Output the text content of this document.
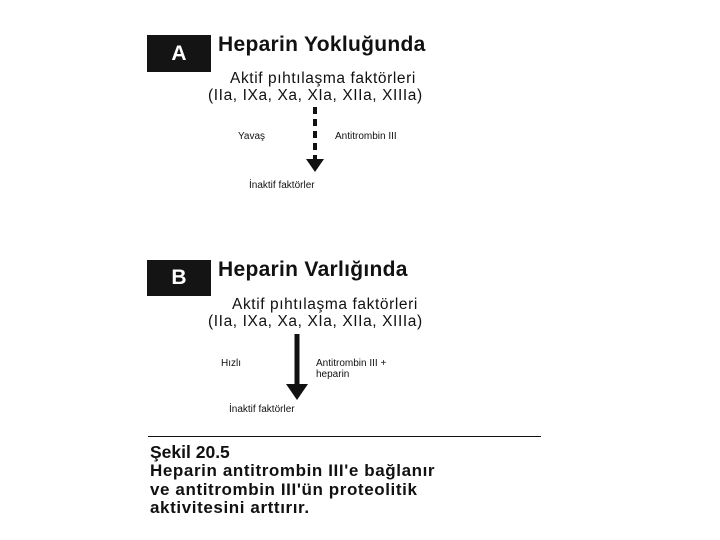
A Heparin Yokluğunda
Aktif pıhtılaşma faktörleri
(IIa, IXa, Xa, XIa, XIIa, XIIIa)
Yavaş	Antitrombin III
İnaktif faktörler
B Heparin Varlığında
Aktif pıhtılaşma faktörleri
(IIa, IXa, Xa, XIa, XIIa, XIIIa)
Hızlı	Antitrombin III +
heparin
İnaktif faktörler
Şekil 20.5
Heparin antitrombin III'e bağlanır
ve antitrombin III'ün proteolitik
aktivitesini arttırır.
